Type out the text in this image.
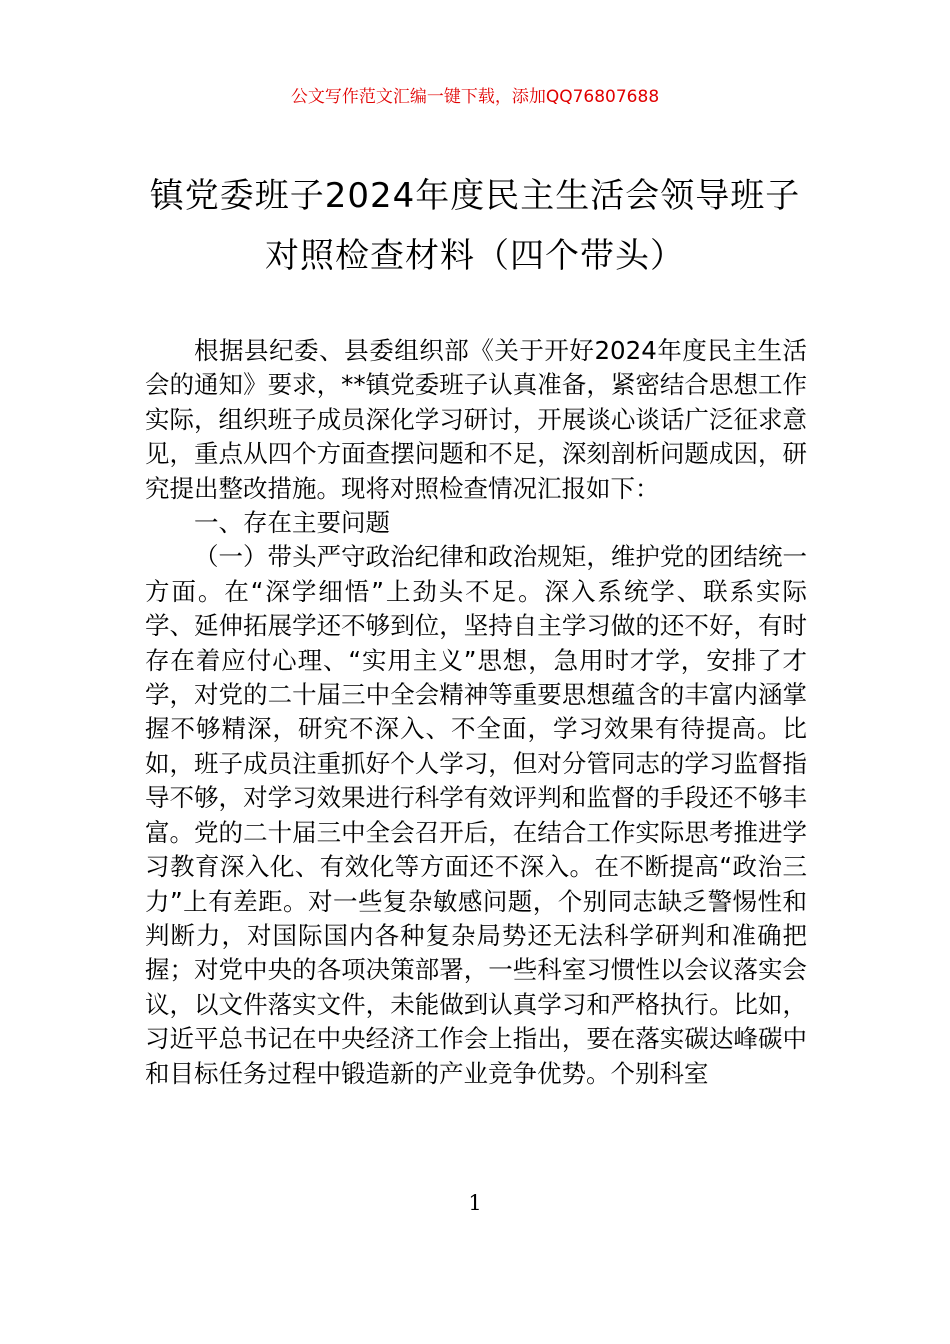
公文写作范文汇编一键下载，添加QQ76807688
镇党委班子2024年度民主生活会领导班子
对照检查材料（四个带头）

根据县纪委、县委组织部《关于开好2024年度民主生活会的通知》要求，**镇党委班子认真准备，紧密结合思想工作实际，组织班子成员深化学习研讨，开展谈心谈话广泛征求意见，重点从四个方面查摆问题和不足，深刻剖析问题成因，研究提出整改措施。现将对照检查情况汇报如下：

一、存在主要问题

（一）带头严守政治纪律和政治规矩，维护党的团结统一方面。在“深学细悟”上劲头不足。深入系统学、联系实际学、延伸拓展学还不够到位，坚持自主学习做的还不好，有时存在着应付心理、“实用主义”思想，急用时才学，安排了才学，对党的二十届三中全会精神等重要思想蕴含的丰富内涵掌握不够精深，研究不深入、不全面，学习效果有待提高。比如，班子成员注重抓好个人学习，但对分管同志的学习监督指导不够，对学习效果进行科学有效评判和监督的手段还不够丰富。党的二十届三中全会召开后，在结合工作实际思考推进学习教育深入化、有效化等方面还不深入。在不断提高“政治三力”上有差距。对一些复杂敏感问题，个别同志缺乏警惕性和判断力，对国际国内各种复杂局势还无法科学研判和准确把握；对党中央的各项决策部署，一些科室习惯性以会议落实会议，以文件落实文件，未能做到认真学习和严格执行。比如，习近平总书记在中央经济工作会上指出，要在落实碳达峰碳中和目标任务过程中锻造新的产业竞争优势。个别科室

1
